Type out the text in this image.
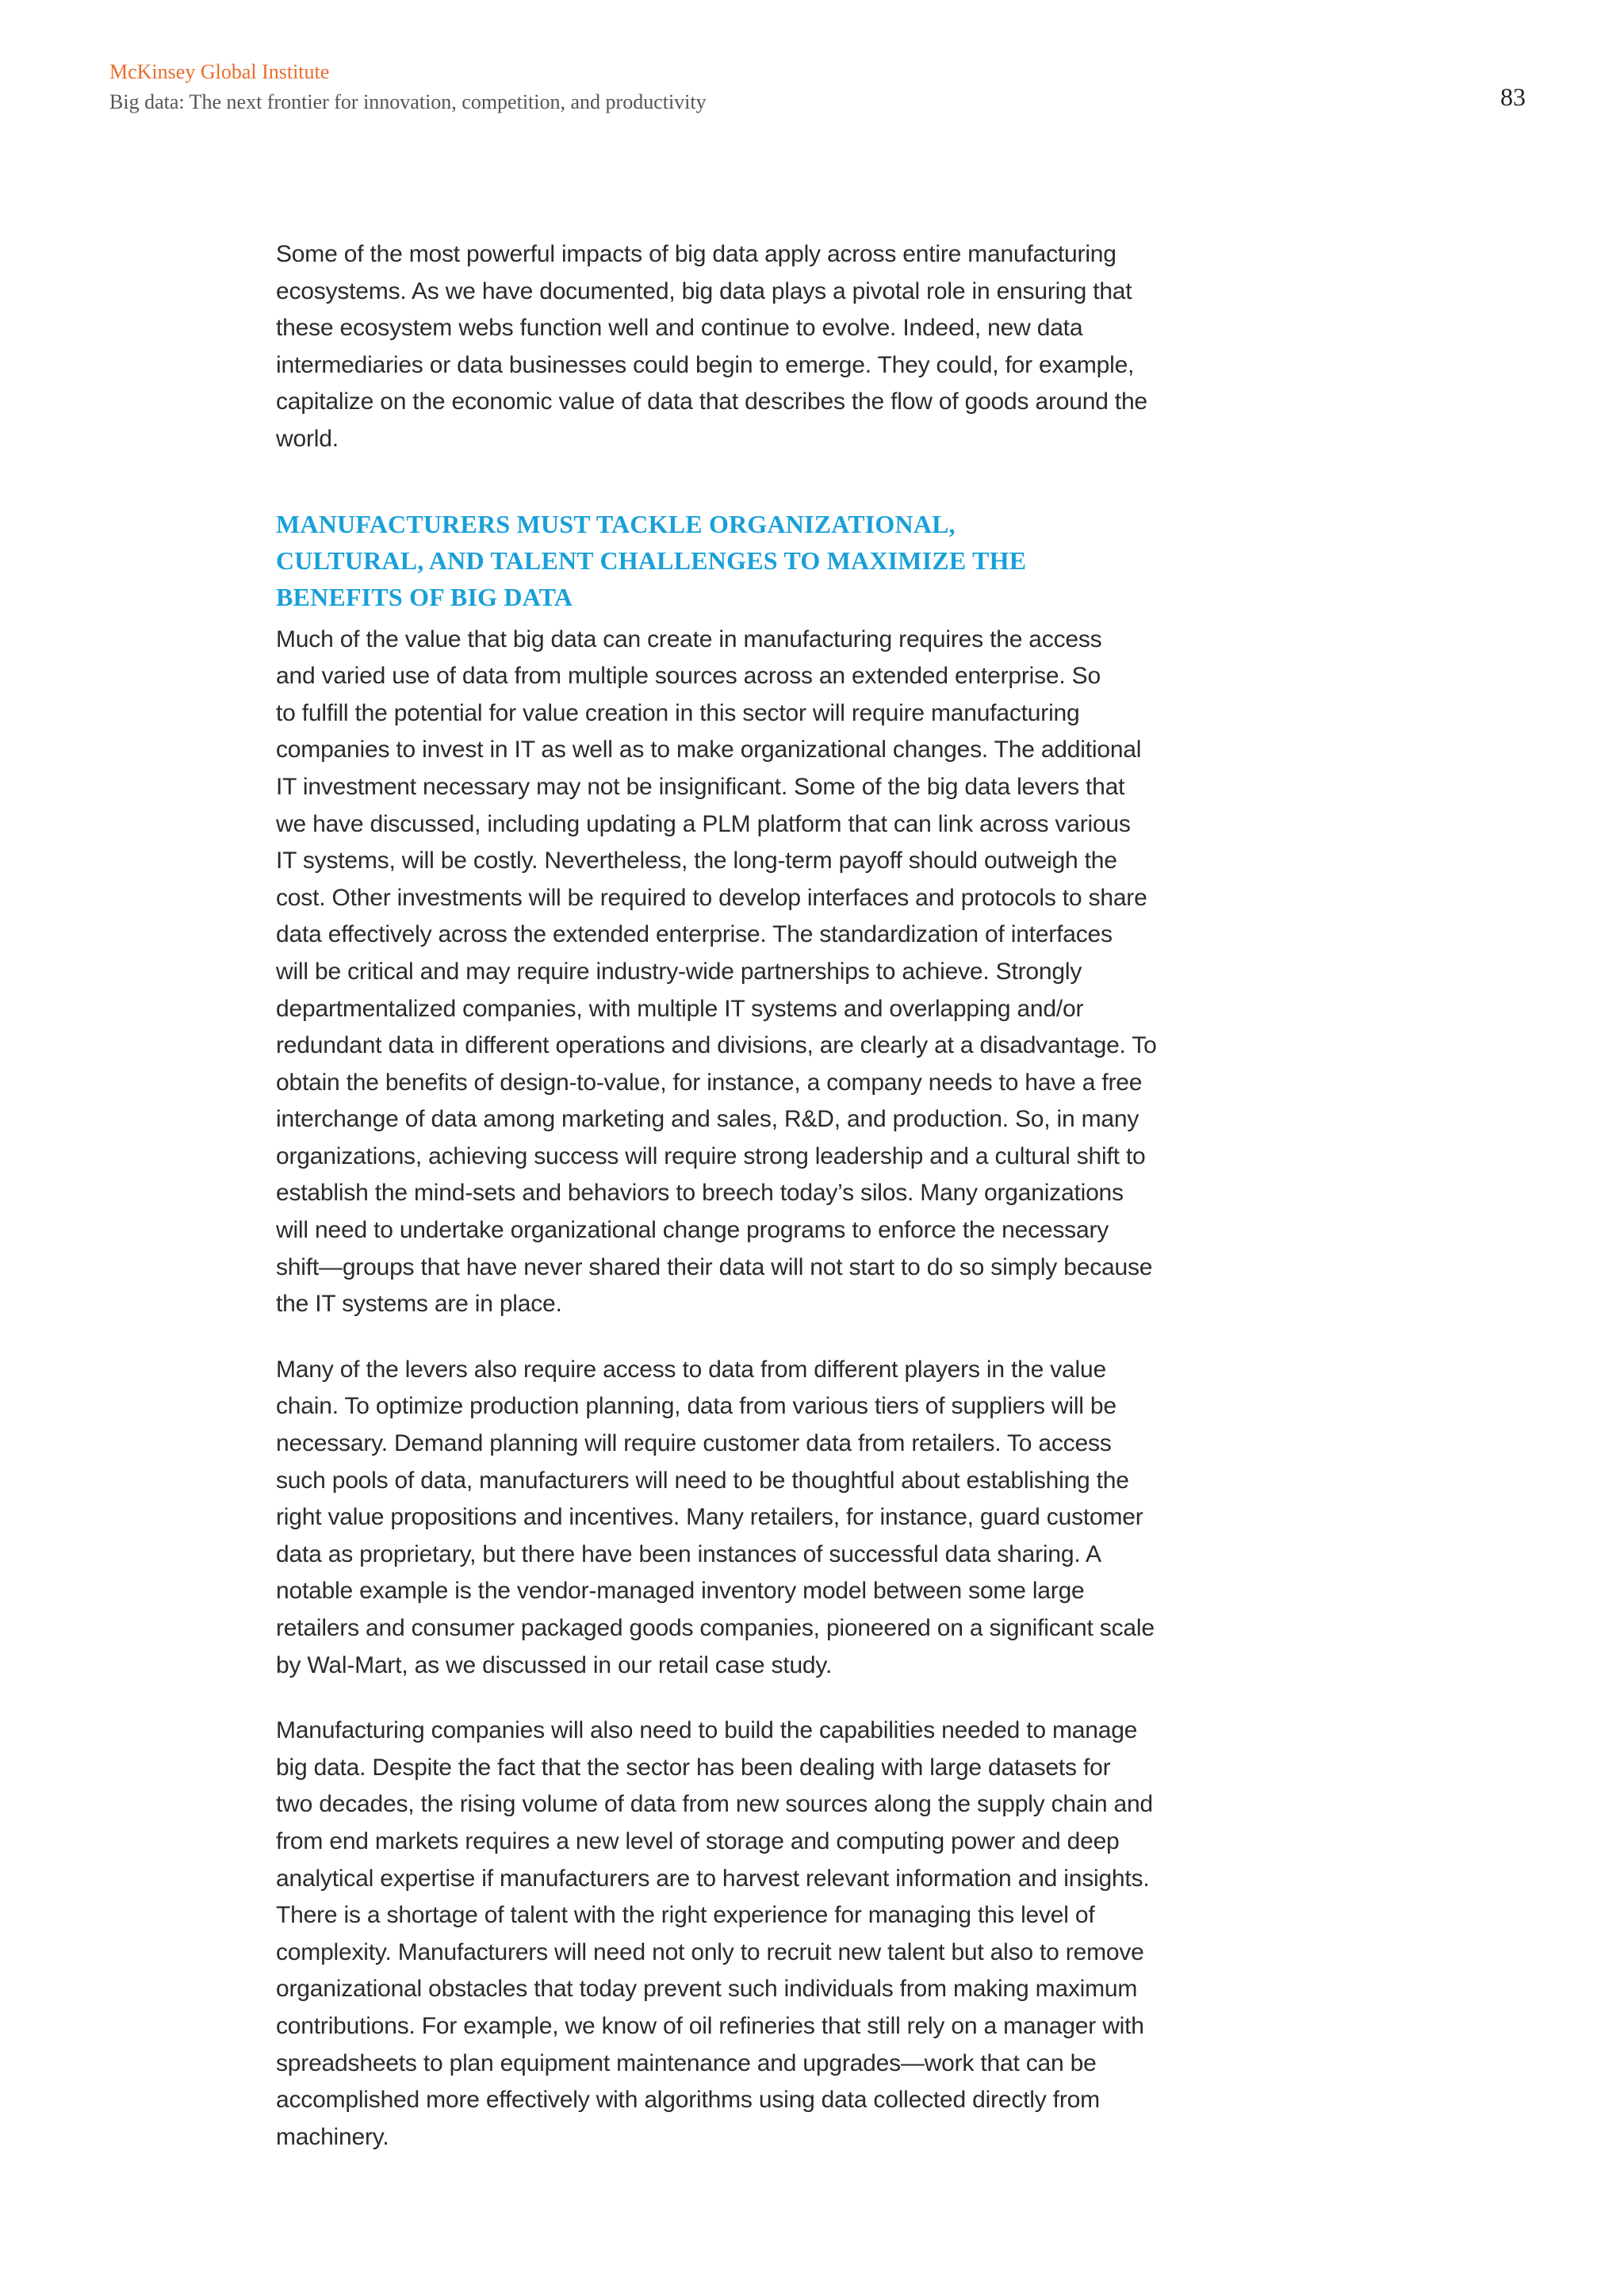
McKinsey Global Institute
Big data: The next frontier for innovation, competition, and productivity	83

Some of the most powerful impacts of big data apply across entire manufacturing
ecosystems. As we have documented, big data plays a pivotal role in ensuring that
these ecosystem webs function well and continue to evolve. Indeed, new data
intermediaries or data businesses could begin to emerge. They could, for example,
capitalize on the economic value of data that describes the flow of goods around the
world.

MANUFACTURERS MUST TACKLE ORGANIZATIONAL,
CULTURAL, AND TALENT CHALLENGES TO MAXIMIZE THE
BENEFITS OF BIG DATA

Much of the value that big data can create in manufacturing requires the access
and varied use of data from multiple sources across an extended enterprise. So
to fulfill the potential for value creation in this sector will require manufacturing
companies to invest in IT as well as to make organizational changes. The additional
IT investment necessary may not be insignificant. Some of the big data levers that
we have discussed, including updating a PLM platform that can link across various
IT systems, will be costly. Nevertheless, the long-term payoff should outweigh the
cost. Other investments will be required to develop interfaces and protocols to share
data effectively across the extended enterprise. The standardization of interfaces
will be critical and may require industry-wide partnerships to achieve. Strongly
departmentalized companies, with multiple IT systems and overlapping and/or
redundant data in different operations and divisions, are clearly at a disadvantage. To
obtain the benefits of design-to-value, for instance, a company needs to have a free
interchange of data among marketing and sales, R&D, and production. So, in many
organizations, achieving success will require strong leadership and a cultural shift to
establish the mind-sets and behaviors to breech today’s silos. Many organizations
will need to undertake organizational change programs to enforce the necessary
shift—groups that have never shared their data will not start to do so simply because
the IT systems are in place.

Many of the levers also require access to data from different players in the value
chain. To optimize production planning, data from various tiers of suppliers will be
necessary. Demand planning will require customer data from retailers. To access
such pools of data, manufacturers will need to be thoughtful about establishing the
right value propositions and incentives. Many retailers, for instance, guard customer
data as proprietary, but there have been instances of successful data sharing. A
notable example is the vendor-managed inventory model between some large
retailers and consumer packaged goods companies, pioneered on a significant scale
by Wal-Mart, as we discussed in our retail case study.

Manufacturing companies will also need to build the capabilities needed to manage
big data. Despite the fact that the sector has been dealing with large datasets for
two decades, the rising volume of data from new sources along the supply chain and
from end markets requires a new level of storage and computing power and deep
analytical expertise if manufacturers are to harvest relevant information and insights.
There is a shortage of talent with the right experience for managing this level of
complexity. Manufacturers will need not only to recruit new talent but also to remove
organizational obstacles that today prevent such individuals from making maximum
contributions. For example, we know of oil refineries that still rely on a manager with
spreadsheets to plan equipment maintenance and upgrades—work that can be
accomplished more effectively with algorithms using data collected directly from
machinery.
